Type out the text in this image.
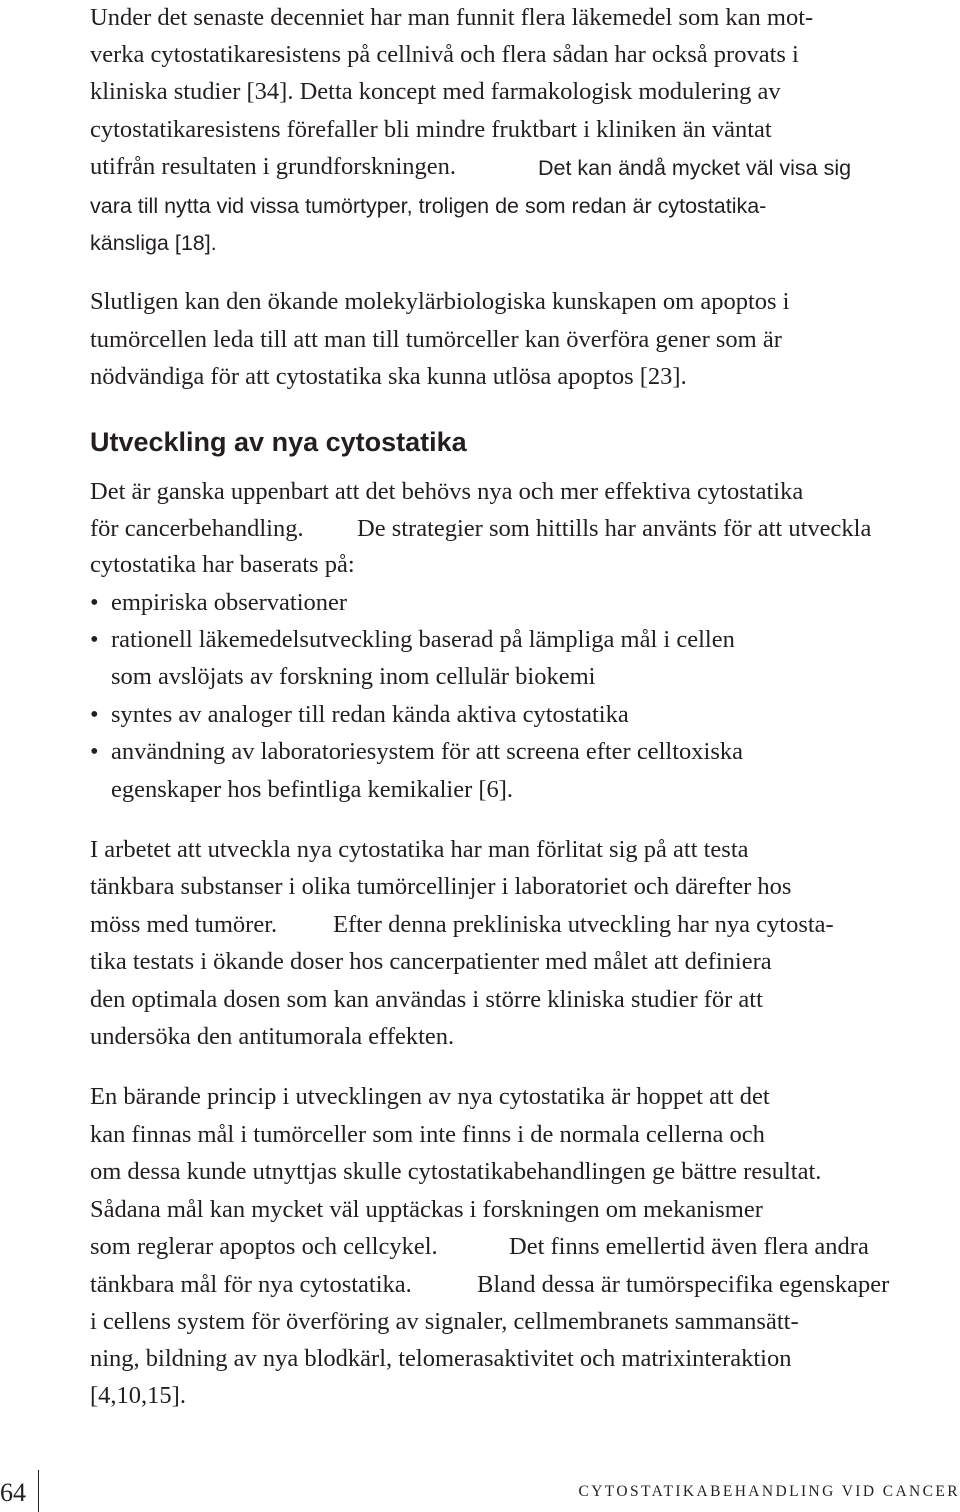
Under det senaste decenniet har man funnit flera läkemedel som kan mot-
verka cytostatikaresistens på cellnivå och flera sådan har också provats i
kliniska studier [34]. Detta koncept med farmakologisk modulering av
cytostatikaresistens förefaller bli mindre fruktbart i kliniken än väntat
utifrån resultaten i grundforskningen.	Det kan ändå mycket väl visa sig
vara till nytta vid vissa tumörtyper, troligen de som redan är cytostatika-
känsliga [18].
Slutligen kan den ökande molekylärbiologiska kunskapen om apoptos i
tumörcellen leda till att man till tumörceller kan överföra gener som är
nödvändiga för att cytostatika ska kunna utlösa apoptos [23].
Utveckling av nya cytostatika
Det är ganska uppenbart att det behövs nya och mer effektiva cytostatika
för cancerbehandling. De strategier som hittills har använts för att utveckla
cytostatika har baserats på:
• empiriska observationer
• rationell läkemedelsutveckling baserad på lämpliga mål i cellen
som avslöjats av forskning inom cellulär biokemi
• syntes av analoger till redan kända aktiva cytostatika
• användning av laboratoriesystem för att screena efter celltoxiska
egenskaper hos befintliga kemikalier [6].
I arbetet att utveckla nya cytostatika har man förlitat sig på att testa
tänkbara substanser i olika tumörcellinjer i laboratoriet och därefter hos
möss med tumörer. Efter denna prekliniska utveckling har nya cytosta-
tika testats i ökande doser hos cancerpatienter med målet att definiera
den optimala dosen som kan användas i större kliniska studier för att
undersöka den antitumorala effekten.
En bärande princip i utvecklingen av nya cytostatika är hoppet att det
kan finnas mål i tumörceller som inte finns i de normala cellerna och
om dessa kunde utnyttjas skulle cytostatikabehandlingen ge bättre resultat.
Sådana mål kan mycket väl upptäckas i forskningen om mekanismer
som reglerar apoptos och cellcykel.	Det finns emellertid även flera andra
tänkbara mål för nya cytostatika.	Bland dessa är tumörspecifika egenskaper
i cellens system för överföring av signaler, cellmembranets sammansätt-
ning, bildning av nya blodkärl, telomerasaktivitet och matrixinteraktion
[4,10,15].
CYTOSTATIKABEHANDLING VID CANCER
64
